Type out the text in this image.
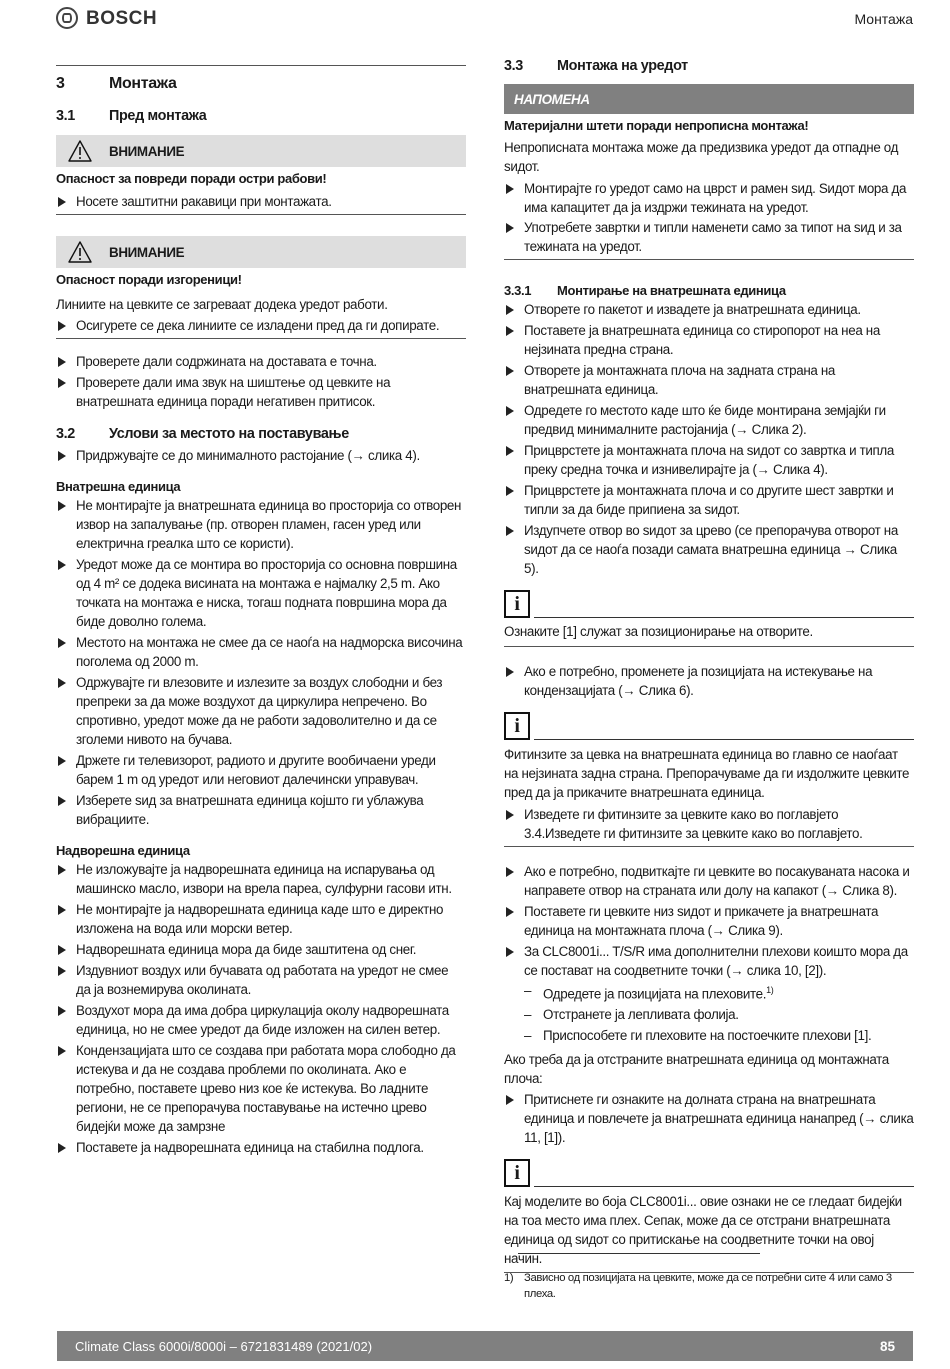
BOSCH	Монтажа
3	Монтажа
3.1	Пред монтажа
ВНИМАНИЕ

Опасност за повреди поради остри рабови!

Носете заштитни ракавици при монтажата.
ВНИМАНИЕ

Опасност поради изгореници!

Линиите на цевките се загреваат додека уредот работи.

Осигурете се дека линиите се изладени пред да ги допирате.
Проверете дали содржината на доставата е точна.
Проверете дали има звук на шиштење од цевките на внатрешната единица поради негативен притисок.
3.2	Услови за местото на поставување
Придржувајте се до минималното растојание (→ слика 4).

Внатрешна единица

Не монтирајте ја внатрешната единица во просторија со отворен извор на запалување (пр. отворен пламен, гасен уред или електрична греалка што се користи).
Уредот може да се монтира во просторија со основна површина од 4 m² се додека висината на монтажа е најмалку 2,5 m. Ако точката на монтажа е ниска, тогаш подната површина мора да биде доволно голема.
Местото на монтажа не смее да се наоѓа на надморска височина поголема од 2000 m.
Одржувајте ги влезовите и излезите за воздух слободни и без препреки за да може воздухот да циркулира непречено. Во спротивно, уредот може да не работи задоволително и да се зголеми нивото на бучава.
Држете ги телевизорот, радиото и другите вообичаени уреди барем 1 m од уредот или неговиот далечински управувач.
Изберете ѕид за внатрешната единица којшто ги ублажува вибрациите.

Надворешна единица

Не изложувајте ја надворешната единица на испарувања од машинско масло, извори на врела пареа, сулфурни гасови итн.
Не монтирајте ја надворешната единица каде што е директно изложена на вода или морски ветер.
Надворешната единица мора да биде заштитена од снег.
Издувниот воздух или бучавата од работата на уредот не смее да ја вознемирува околината.
Воздухот мора да има добра циркулација околу надворешната единица, но не смее уредот да биде изложен на силен ветер.
Кондензацијата што се создава при работата мора слободно да истекува и да не создава проблеми по околината. Ако е потребно, поставете цревo низ кое ќе истекува. Во ладните региони, не се препорачува поставување на истечно црево бидејќи може да замрзне
Поставете ја надворешната единица на стабилна подлога.
3.3	Монтажа на уредот
НАПОМЕНА

Материјални штети поради непрописна монтажа!

Непрописната монтажа може да предизвика уредот да отпадне од ѕидот.

Монтирајте го уредот само на цврст и рамен ѕид. Ѕидот мора да има капацитет да ја издржи тежината на уредот.
Употребете завртки и типли наменети само за типот на ѕид и за тежината на уредот.
3.3.1	Монтирање на внатрешната единица
Отворете го пакетот и извадете ја внатрешната единица.
Поставете ја внатрешната единица со стиропорот на неа на нејзината предна страна.
Отворете ја монтажната плоча на задната страна на внатрешната единица.
Одредете го местото каде што ќе биде монтирана земјајќи ги предвид минималните растојанија (→ Слика 2).
Прицврстете ја монтажната плоча на ѕидот со завртка и типла преку средна точка и изнивелирајте ја (→ Слика 4).
Прицврстете ја монтажната плоча и со другите шест завртки и типли за да биде припиена за ѕидот.
Издупчете отвор во ѕидот за црево (се препорачува отворот на ѕидот да се наоѓа позади самата внатрешна единица → Слика 5).
i

Ознаките [1] служат за позиционирање на отворите.

Ако е потребно, променете ја позицијата на истекување на кондензацијата (→ Слика 6).
i

Фитинзите за цевка на внатрешната единица во главно се наоѓаат на нејзината задна страна. Препорачуваме да ги издолжите цевките пред да ја прикачите внатрешната единица.

Изведете ги фитинзите за цевките како во поглавјето 3.4.Изведете ги фитинзите за цевките како во поглавјето.
Ако е потребно, подвиткајте ги цевките во посакуваната насока и направете отвор на страната или долу на капакот (→ Слика 8).
Поставете ги цевките низ ѕидот и прикачете ја внатрешната единица на монтажната плоча (→ Слика 9).
За CLC8001i... T/S/R има дополнителни плехови коишто мора да се постават на соодветните точки (→ слика 10, [2]).
– Одредете ја позицијата на плеховите.$^{1)}$
– Отстранете ја лепливата фолија.
– Приспособете ги плеховите на постоечките плехови [1].

Ако треба да ја отстраните внатрешната единица од монтажната плоча:

Притиснете ги ознаките на долната страна на внатрешната единица и повлечете ја внатрешната единица нанапред (→ слика 11, [1]).
i

Кај моделите во боја CLC8001i... овие ознаки не се гледаат бидејќи на тоа место има плех. Сепак, може да се отстрани внатрешната единица од ѕидот со притискање на соодветните точки на овој начин.

1) Зависно од позицијата на цевките, може да се потребни сите 4 или само 3 плеха.
Climate Class 6000i/8000i – 6721831489 (2021/02)	85
